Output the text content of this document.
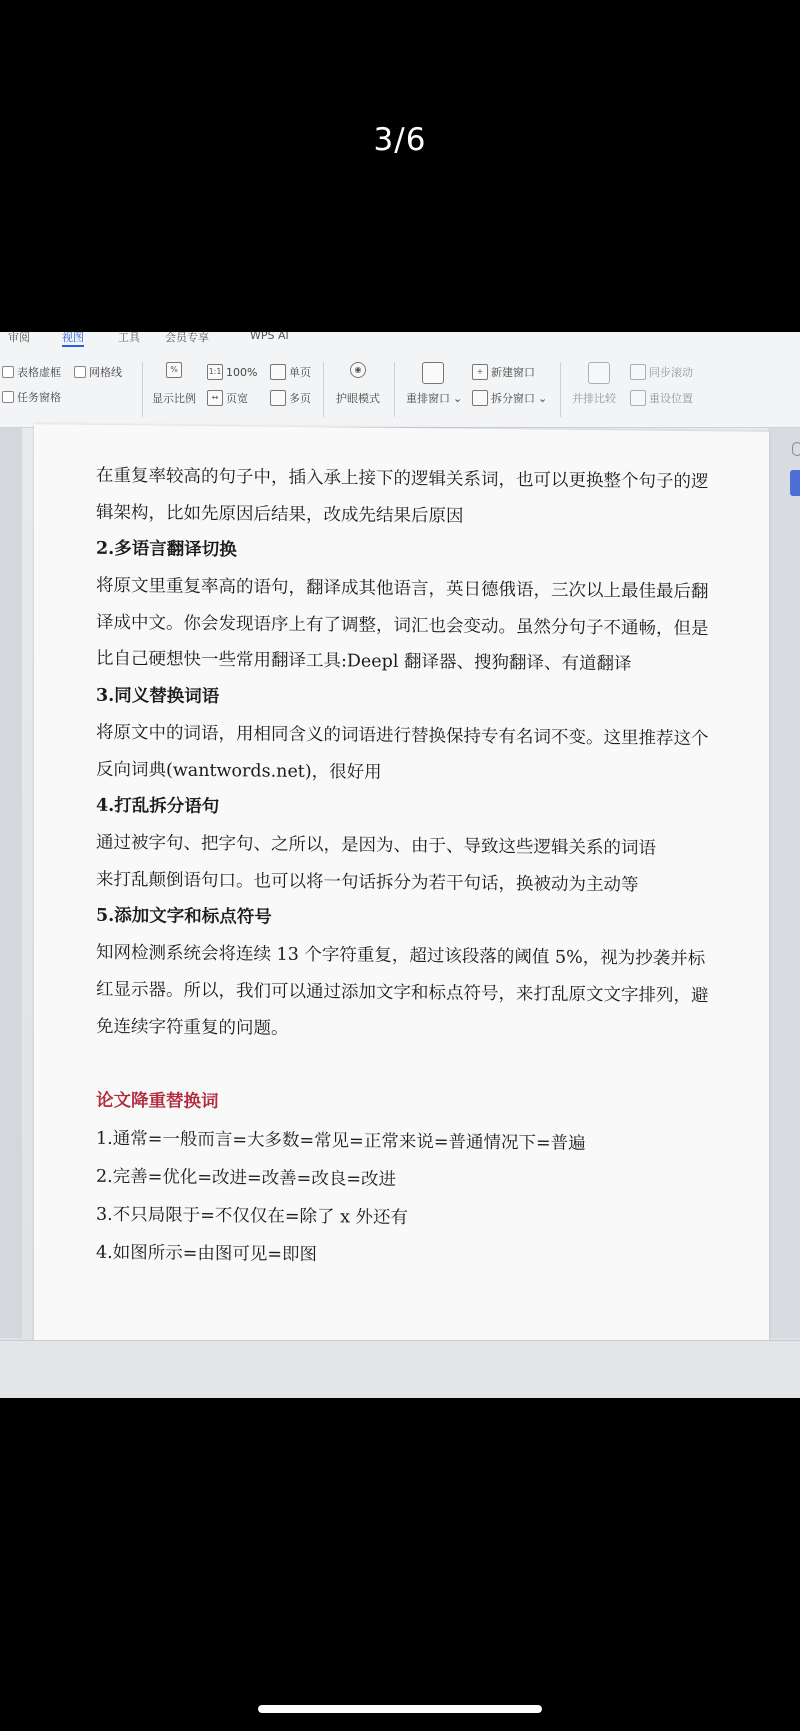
3/6
审阅	视图	工具 会员专享	WPS AI
表格虚框	网格线
任务窗格
%
显示比例
1:1 100%
↔ 页宽
单页
多页
◉
护眼模式 重排窗口 ⌄
+ 新建窗口
拆分窗口 ⌄ 并排比较
同步滚动
重设位置
在重复率较高的句子中，插入承上接下的逻辑关系词，也可以更换整个句子的逻
辑架构，比如先原因后结果，改成先结果后原因
2.多语言翻译切换
将原文里重复率高的语句，翻译成其他语言，英日德俄语，三次以上最佳最后翻
译成中文。你会发现语序上有了调整，词汇也会变动。虽然分句子不通畅，但是
比自己硬想快一些常用翻译工具:Deepl 翻译器、搜狗翻译、有道翻译
3.同义替换词语
将原文中的词语，用相同含义的词语进行替换保持专有名词不变。这里推荐这个
反向词典(wantwords.net)，很好用
4.打乱拆分语句
通过被字句、把字句、之所以，是因为、由于、导致这些逻辑关系的词语
来打乱颠倒语句口。也可以将一句话拆分为若干句话，换被动为主动等
5.添加文字和标点符号
知网检测系统会将连续 13 个字符重复，超过该段落的阈值 5%，视为抄袭并标
红显示器。所以，我们可以通过添加文字和标点符号，来打乱原文文字排列，避
免连续字符重复的问题。
论文降重替换词
1.通常=一般而言=大多数=常见=正常来说=普通情况下=普遍
2.完善=优化=改进=改善=改良=改进
3.不只局限于=不仅仅在=除了 x 外还有
4.如图所示=由图可见=即图
